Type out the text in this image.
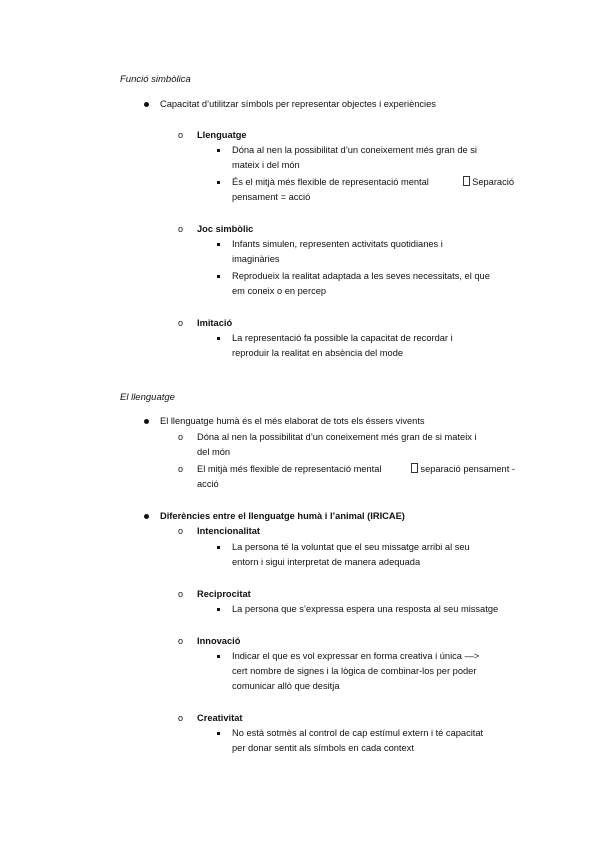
Funció simbòlica
Capacitat d’utilitzar símbols per representar objectes i experiències
o Llenguatge
Dóna al nen la possibilitat d’un coneixement més gran de si
mateix i del món
És el mitjà més flexible de representació mental	Separació
pensament = acció
o Joc simbòlic
Infants simulen, representen activitats quotidianes i
imaginàries
Reprodueix la realitat adaptada a les seves necessitats, el que
em coneix o en percep
o Imitació
La representació fa possible la capacitat de recordar i
reproduir la realitat en absència del mode
El llenguatge
El llenguatge humà és el més elaborat de tots els éssers vivents
o Dóna al nen la possibilitat d’un coneixement més gran de si mateix i
del món
o El mitjà més flexible de representació mental	separació pensament -
acció
Diferències entre el llenguatge humà i l’animal (IRICAE)
o Intencionalitat
La persona té la voluntat que el seu missatge arribi al seu
entorn i sigui interpretat de manera adequada
o Reciprocitat
La persona que s’expressa espera una resposta al seu missatge
o Innovació
Indicar el que es vol expressar en forma creativa i única —>
cert nombre de signes i la lògica de combinar-los per poder
comunicar allò que desitja
o Creativitat
No està sotmès al control de cap estímul extern i té capacitat
per donar sentit als símbols en cada context
